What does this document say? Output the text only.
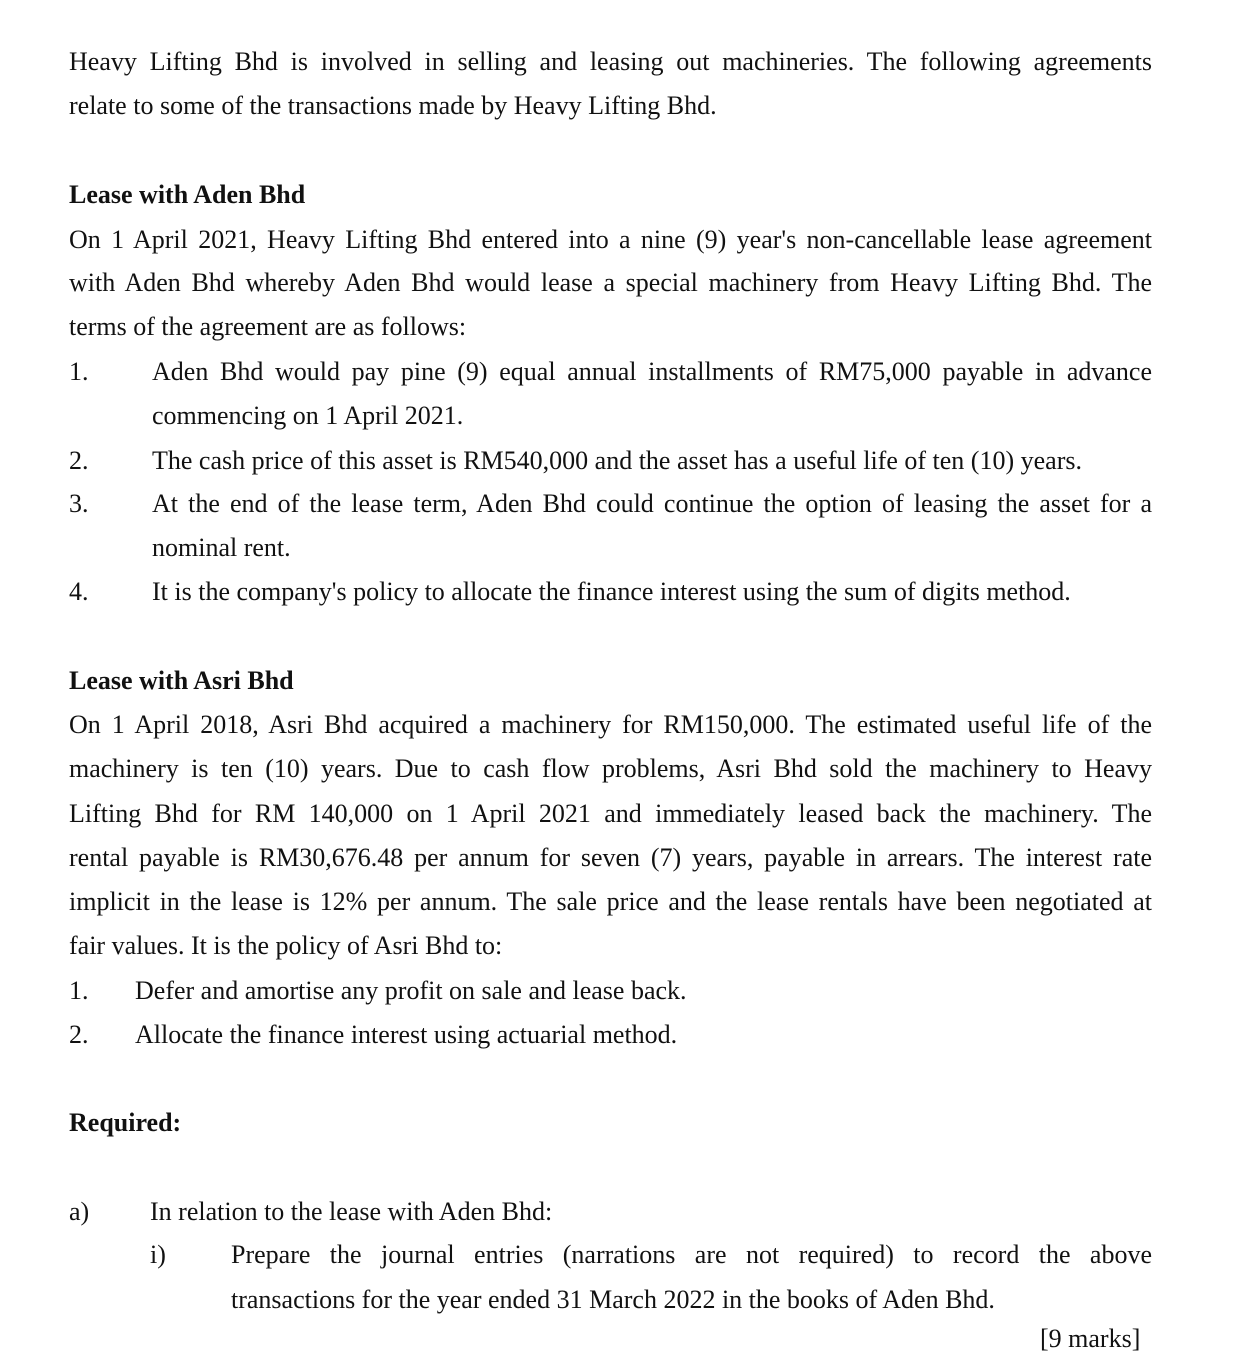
Heavy Lifting Bhd is involved in selling and leasing out machineries. The following agreements
relate to some of the transactions made by Heavy Lifting Bhd.
Lease with Aden Bhd
On 1 April 2021, Heavy Lifting Bhd entered into a nine (9) year's non-cancellable lease agreement
with Aden Bhd whereby Aden Bhd would lease a special machinery from Heavy Lifting Bhd. The
terms of the agreement are as follows:
1. Aden Bhd would pay pine (9) equal annual installments of RM75,000 payable in advance
commencing on 1 April 2021.
2. The cash price of this asset is RM540,000 and the asset has a useful life of ten (10) years.
3. At the end of the lease term, Aden Bhd could continue the option of leasing the asset for a
nominal rent.
4. It is the company's policy to allocate the finance interest using the sum of digits method.
Lease with Asri Bhd
On 1 April 2018, Asri Bhd acquired a machinery for RM150,000. The estimated useful life of the
machinery is ten (10) years. Due to cash flow problems, Asri Bhd sold the machinery to Heavy
Lifting Bhd for RM 140,000 on 1 April 2021 and immediately leased back the machinery. The
rental payable is RM30,676.48 per annum for seven (7) years, payable in arrears. The interest rate
implicit in the lease is 12% per annum. The sale price and the lease rentals have been negotiated at
fair values. It is the policy of Asri Bhd to:
1. Defer and amortise any profit on sale and lease back.
2. Allocate the finance interest using actuarial method.
Required:
a) In relation to the lease with Aden Bhd:
i)	Prepare the journal entries (narrations are not required) to record the above
transactions for the year ended 31 March 2022 in the books of Aden Bhd.
[9 marks]
